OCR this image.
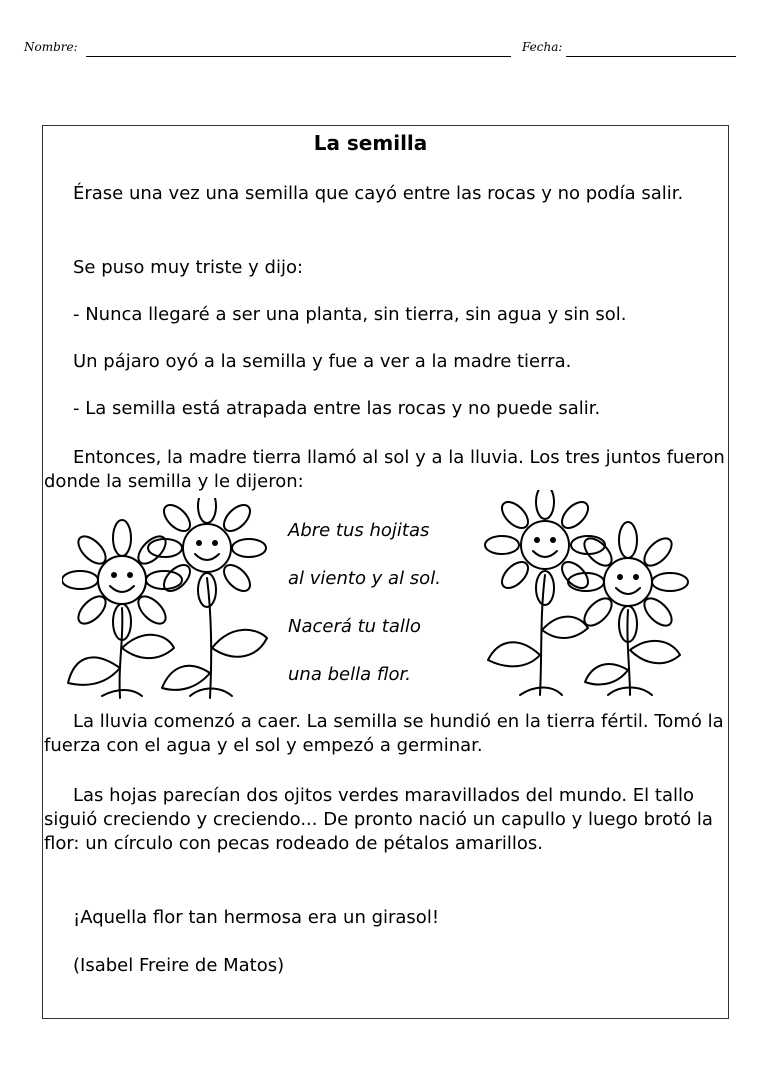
Nombre:	Fecha:
La semilla

Érase una vez una semilla que cayó entre las rocas y no podía salir.

Se puso muy triste y dijo:

- Nunca llegaré a ser una planta, sin tierra, sin agua y sin sol.

Un pájaro oyó a la semilla y fue a ver a la madre tierra.

- La semilla está atrapada entre las rocas y no puede salir.

Entonces, la madre tierra llamó al sol y a la lluvia. Los tres juntos fueron donde la semilla y le dijeron:

Abre tus hojitas
al viento y al sol.
Nacerá tu tallo
una bella flor.

La lluvia comenzó a caer. La semilla se hundió en la tierra fértil. Tomó la fuerza con el agua y el sol y empezó a germinar.

Las hojas parecían dos ojitos verdes maravillados del mundo. El tallo siguió creciendo y creciendo... De pronto nació un capullo y luego brotó la flor: un círculo con pecas rodeado de pétalos amarillos.

¡Aquella flor tan hermosa era un girasol!

(Isabel Freire de Matos)
